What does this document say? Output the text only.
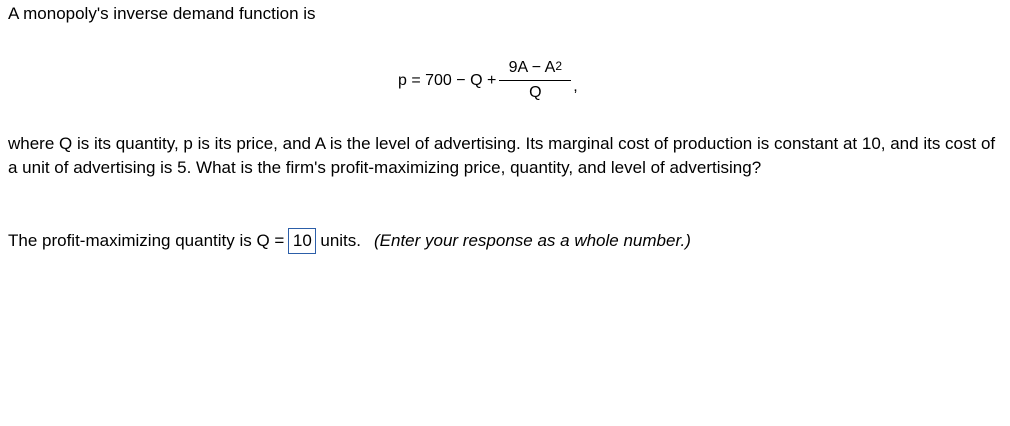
A monopoly's inverse demand function is

$p = 700 - Q + \frac{9A - A^2}{Q}$ ,

where Q is its quantity, p is its price, and A is the level of advertising. Its marginal cost of production is constant at 10, and its cost of a unit of advertising is 5. What is the firm's profit-maximizing price, quantity, and level of advertising?

The profit-maximizing quantity is Q = 10 units. (Enter your response as a whole number.)
